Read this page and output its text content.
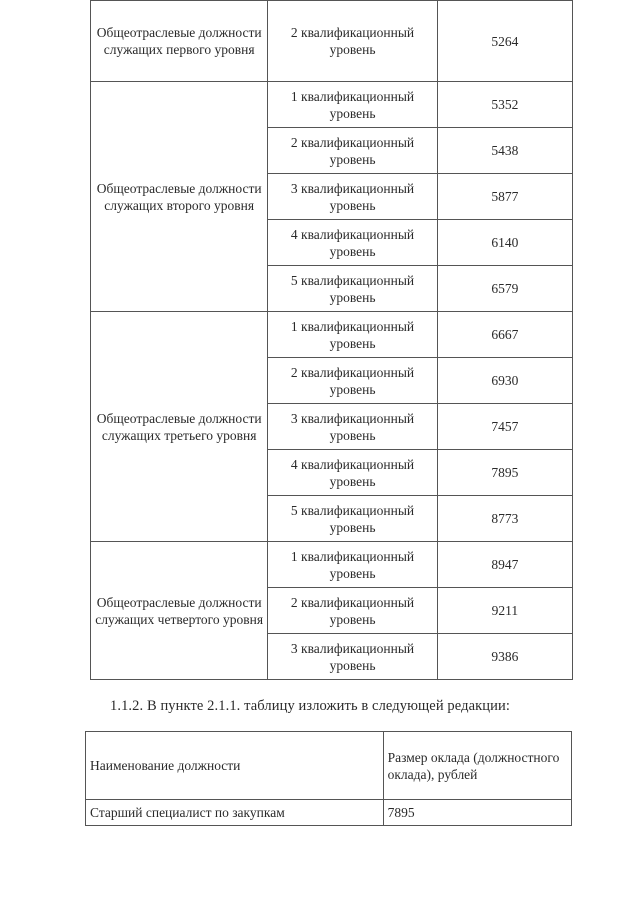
Общеотраслевые должности служащих первого уровня	2 квалификационный уровень	5264
Общеотраслевые должности служащих второго уровня	1 квалификационный уровень	5352
	2 квалификационный уровень	5438
	3 квалификационный уровень	5877
	4 квалификационный уровень	6140
	5 квалификационный уровень	6579
Общеотраслевые должности служащих третьего уровня	1 квалификационный уровень	6667
	2 квалификационный уровень	6930
	3 квалификационный уровень	7457
	4 квалификационный уровень	7895
	5 квалификационный уровень	8773
Общеотраслевые должности служащих четвертого уровня	1 квалификационный уровень	8947
	2 квалификационный уровень	9211
	3 квалификационный уровень	9386
1.1.2. В пункте 2.1.1. таблицу изложить в следующей редакции:
Наименование должности	Размер оклада (должностного оклада), рублей
Старший специалист по закупкам	7895
